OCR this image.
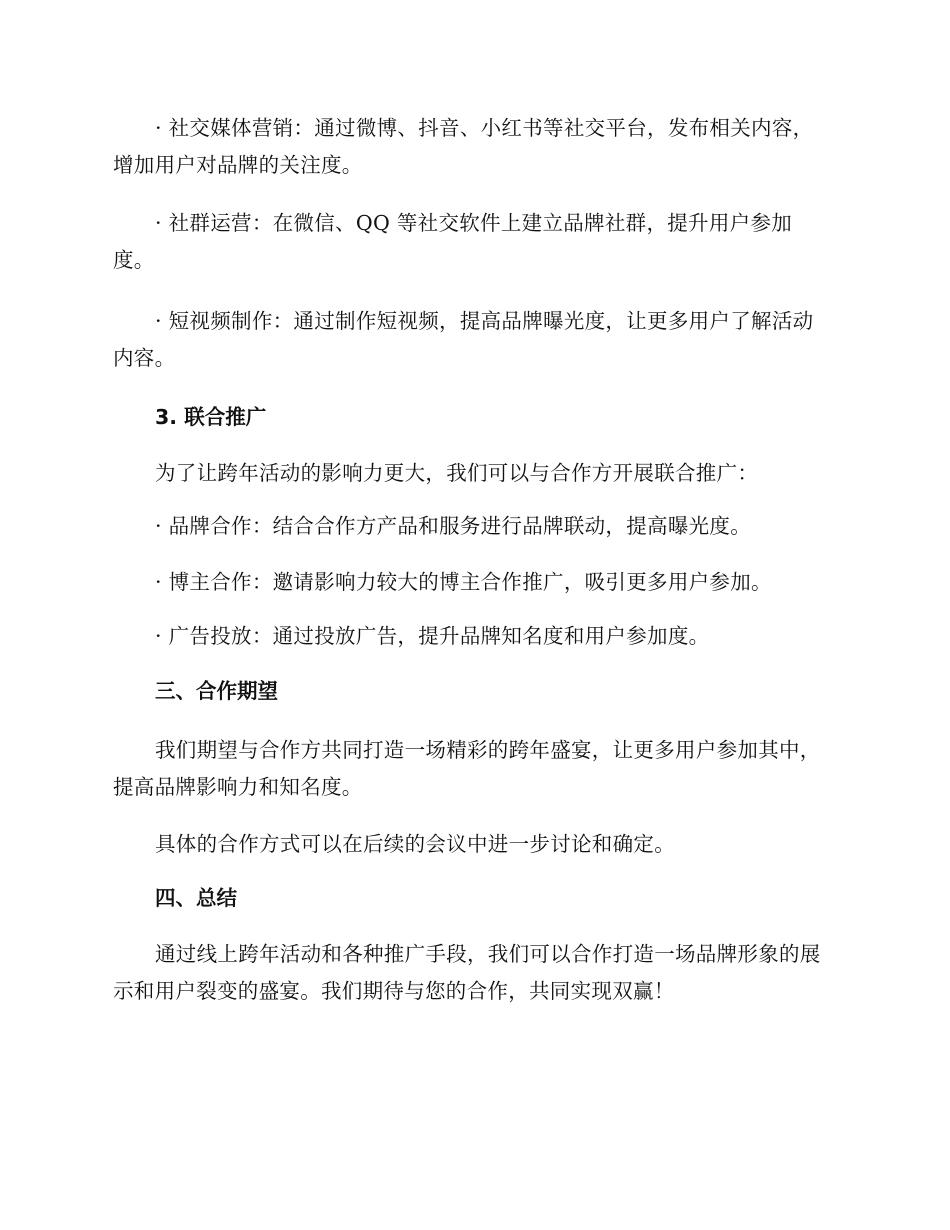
· 社交媒体营销：通过微博、抖音、小红书等社交平台，发布相关内容，增加用户对品牌的关注度。

· 社群运营：在微信、QQ 等社交软件上建立品牌社群，提升用户参加度。

· 短视频制作：通过制作短视频，提高品牌曝光度，让更多用户了解活动内容。

3. 联合推广

为了让跨年活动的影响力更大，我们可以与合作方开展联合推广：

· 品牌合作：结合合作方产品和服务进行品牌联动，提高曝光度。

· 博主合作：邀请影响力较大的博主合作推广，吸引更多用户参加。

· 广告投放：通过投放广告，提升品牌知名度和用户参加度。

三、合作期望

我们期望与合作方共同打造一场精彩的跨年盛宴，让更多用户参加其中，提高品牌影响力和知名度。

具体的合作方式可以在后续的会议中进一步讨论和确定。

四、总结

通过线上跨年活动和各种推广手段，我们可以合作打造一场品牌形象的展示和用户裂变的盛宴。我们期待与您的合作，共同实现双赢！
